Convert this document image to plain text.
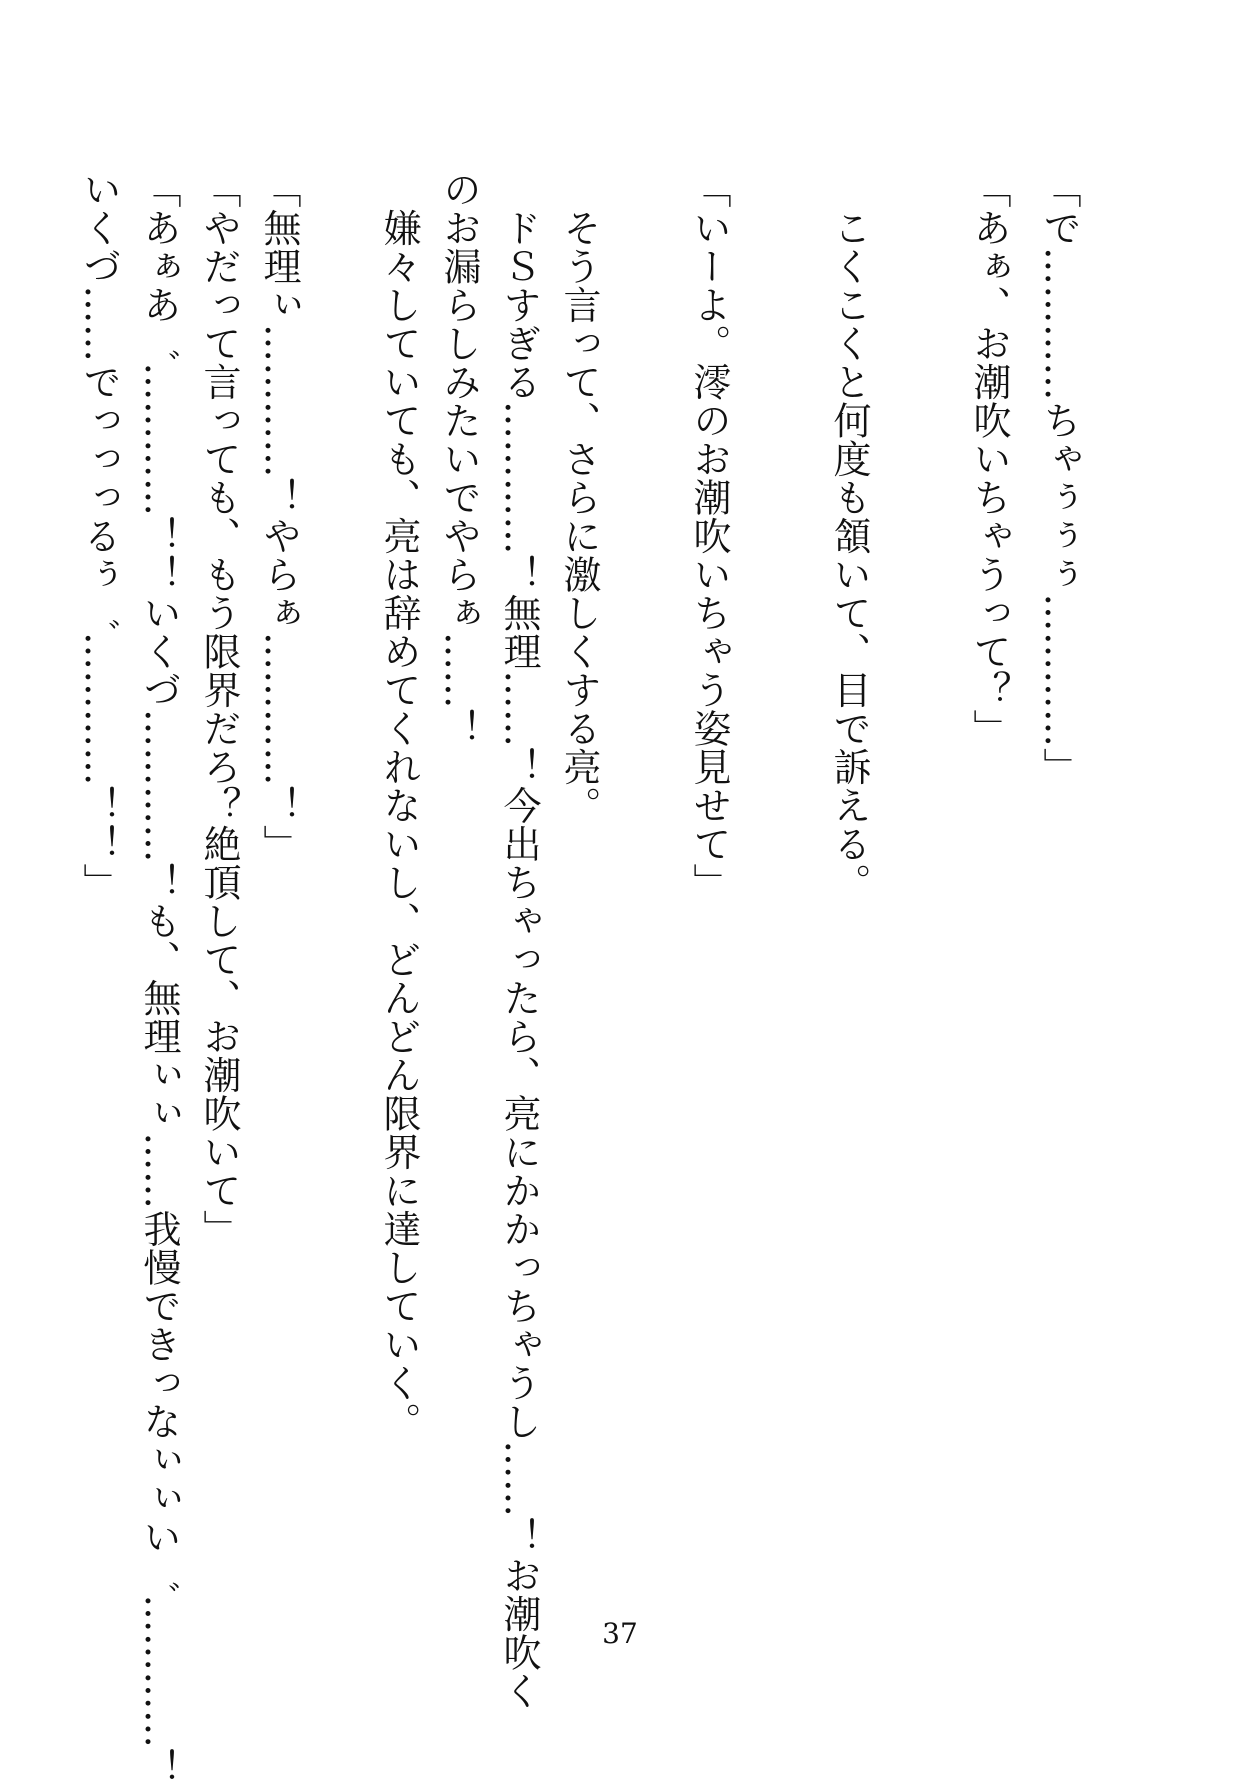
「で…………ちゃぅぅぅ…………」
「あぁ、お潮吹いちゃうって？」
　こくこくと何度も頷いて、目で訴える。
「いーよ。澪のお潮吹いちゃう姿見せて」
　そう言って、さらに激しくする亮。
　ドＳすぎる…………！無理……！今出ちゃったら、亮にかかっちゃうし……！お潮吹く
のお漏らしみたいでやらぁ……！
　嫌々していても、亮は辞めてくれないし、どんどん限界に達していく。
「無理ぃ…………！やらぁ…………！」
「やだって言っても、もう限界だろ？絶頂して、お潮吹いて」
「あぁあ゛…………！！いくづ…………！も、無理ぃぃ……我慢できっなぃぃい゛…………！
いくづ……でっっっるぅ゛…………！！」
37
